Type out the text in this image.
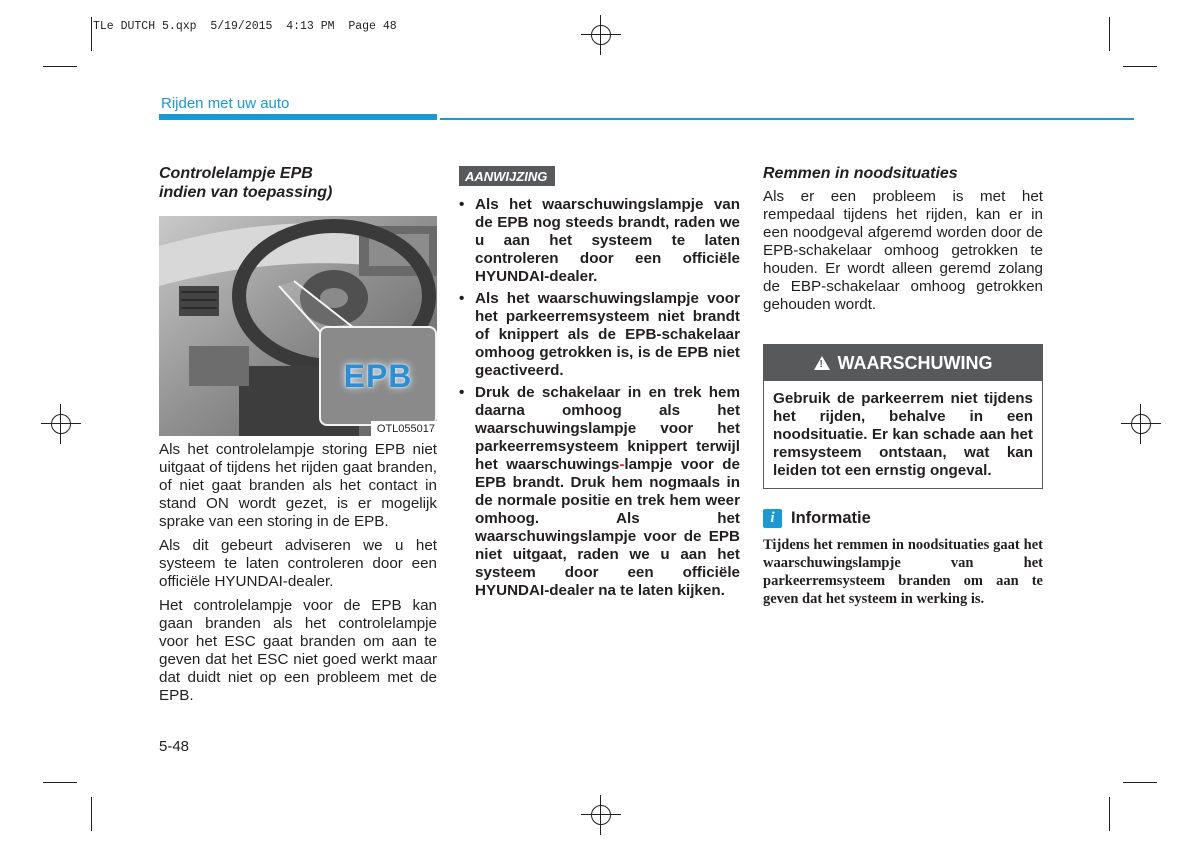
TLe DUTCH 5.qxp  5/19/2015  4:13 PM  Page 48
Rijden met uw auto
Controlelampje EPB
indien van toepassing)
EPB
OTL055017

Als het controlelampje storing EPB niet uitgaat of tijdens het rijden gaat branden, of niet gaat branden als het contact in stand ON wordt gezet, is er mogelijk sprake van een storing in de EPB.

Als dit gebeurt adviseren we u het systeem te laten controleren door een officiële HYUNDAI-dealer.

Het controlelampje voor de EPB kan gaan branden als het controlelampje voor het ESC gaat branden om aan te geven dat het ESC niet goed werkt maar dat duidt niet op een probleem met de EPB.

AANWIJZING
• Als het waarschuwingslampje van de EPB nog steeds brandt, raden we u aan het systeem te laten controleren door een officiële HYUNDAI-dealer.
• Als het waarschuwingslampje voor het parkeerremsysteem niet brandt of knippert als de EPB-schakelaar omhoog getrokken is, is de EPB niet geactiveerd.
• Druk de schakelaar in en trek hem daarna omhoog als het waarschuwingslampje voor het parkeerremsysteem knippert terwijl het waarschuwings-lampje voor de EPB brandt. Druk hem nogmaals in de normale positie en trek hem weer omhoog. Als het waarschuwingslampje voor de EPB niet uitgaat, raden we u aan het systeem door een officiële HYUNDAI-dealer na te laten kijken.
Remmen in noodsituaties

Als er een probleem is met het rempedaal tijdens het rijden, kan er in een noodgeval afgeremd worden door de EPB-schakelaar omhoog getrokken te houden. Er wordt alleen geremd zolang de EBP-schakelaar omhoog getrokken gehouden wordt.

! WAARSCHUWING
Gebruik de parkeerrem niet tijdens het rijden, behalve in een noodsituatie. Er kan schade aan het remsysteem ontstaan, wat kan leiden tot een ernstig ongeval.
i Informatie
Tijdens het remmen in noodsituaties gaat het waarschuwingslampje van het parkeerremsysteem branden om aan te geven dat het systeem in werking is.
5-48
